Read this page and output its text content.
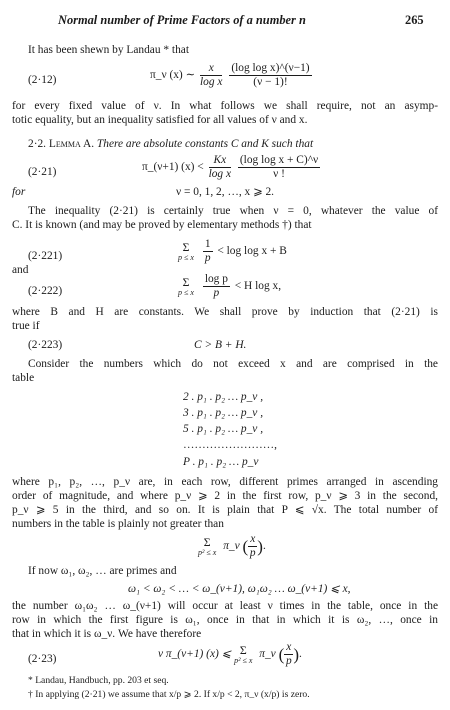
Normal number of Prime Factors of a number n	265
It has been shewn by Landau * that
(2·12)	π_ν (x) ∼ $\frac{x}{\text{log x}}$
$\frac{\text{(log log x)\textasciicircum{}(ν−1)}}{(\nu - 1)!}$
for every fixed value of ν. In what follows we shall require, not an asymp-
totic equality, but an inequality satisfied for all values of ν and x.
2·2. Lemma A. There are absolute constants C and K such that
(2·21)	π_(ν+1) $(x) < \frac{Kx}{\text{log x}}$
$\frac{\text{(log log x + C)\textasciicircum{}ν}}{\nu !}$
for	ν = 0, 1, 2, …, x ⩾ 2.
The inequality (2·21) is certainly true when ν = 0, whatever the value of
C. It is known (and may be proved by elementary methods †) that
(2·221)
Σ
p ≤ x
$\frac{1}{p} < \log \log x + B$
and
(2·222)
Σ
p ≤ x
$\frac{\text{log p}}{p} < H$ log x,
where B and H are constants. We shall prove by induction that (2·21) is
true if
(2·223)	C > B + H.
Consider the numbers which do not exceed x and are comprised in the
table
2 . p₁ . p₂ … p_ν ,
3 . p₁ . p₂ … p_ν ,
5 . p₁ . p₂ … p_ν ,
……………………,
P . p₁ . p₂ … p_ν
where p₁, p₂, …, p_ν are, in each row, different primes arranged in ascending
order of magnitude, and where p_ν ⩾ 2 in the first row, p_ν ⩾ 3 in the second,
p_ν ⩾ 5 in the third, and so on. It is plain that P ⩽ √x. The total number of
numbers in the table is plainly not greater than
Σ
p² ≤ x
π_ν ( $\frac{x}{p}$ ).
If now ω₁, ω₂, … are primes and
ω₁ < ω₂ < … < ω_(ν+1), ω₁ω₂ … ω_(ν+1) ⩽ x,
the number ω₁ω₂ … ω_(ν+1) will occur at least ν times in the table, once in the
row in which the first figure is ω₁, once in that in which it is ω₂, …, once in
that in which it is ω_ν. We have therefore
(2·23)	ν π_(ν+1) (x) ⩽ Σ
p² ≤ x
π_ν ( $\frac{x}{p}$ ).
* Landau, Handbuch, pp. 203 et seq.
† In applying (2·21) we assume that x/p ⩾ 2. If x/p < 2, π_ν (x/p) is zero.
